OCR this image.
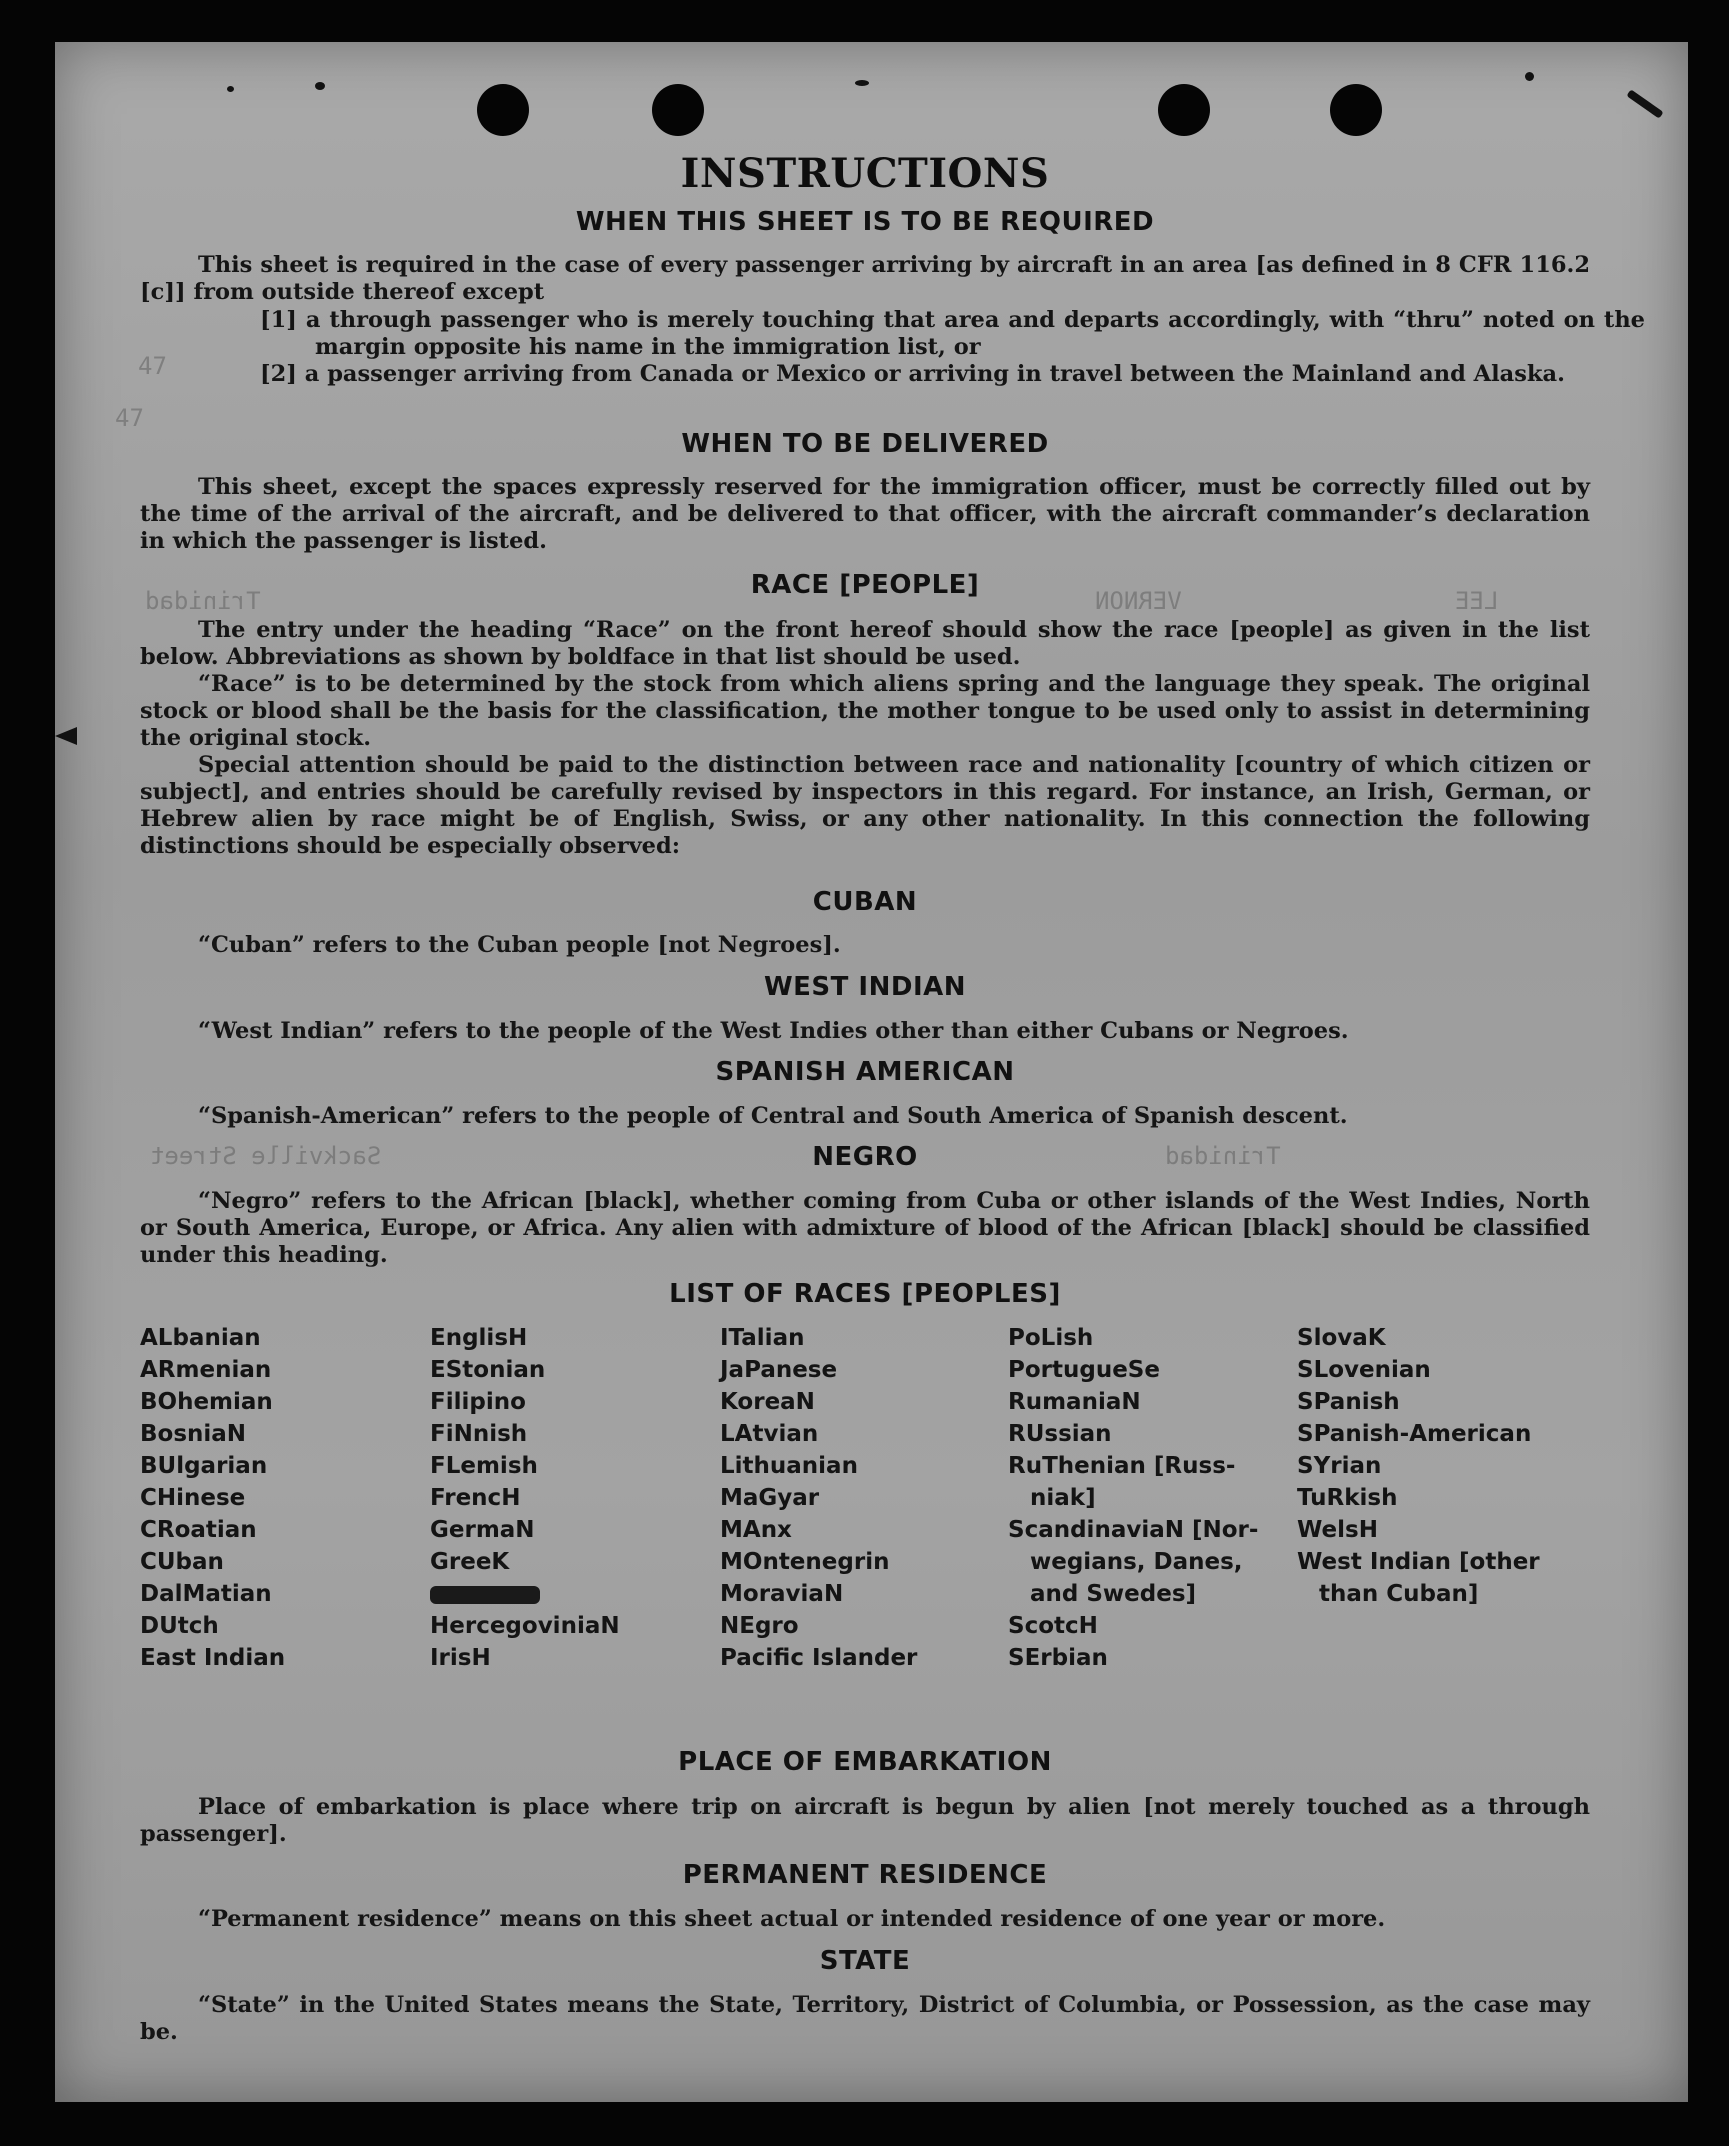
47
47
Trinidad	VERNON	LEE
Sackville Street	Trinidad
INSTRUCTIONS
WHEN THIS SHEET IS TO BE REQUIRED
This sheet is required in the case of every passenger arriving by aircraft in an area [as defined in 8 CFR 116.2 [c]] from outside thereof except
[1] a through passenger who is merely touching that area and departs accordingly, with “thru” noted on the margin opposite his name in the immigration list, or
[2] a passenger arriving from Canada or Mexico or arriving in travel between the Mainland and Alaska.
WHEN TO BE DELIVERED
This sheet, except the spaces expressly reserved for the immigration officer, must be correctly filled out by the time of the arrival of the aircraft, and be delivered to that officer, with the aircraft commander’s declaration in which the passenger is listed.
RACE [PEOPLE]
The entry under the heading “Race” on the front hereof should show the race [people] as given in the list below. Abbreviations as shown by boldface in that list should be used.
“Race” is to be determined by the stock from which aliens spring and the language they speak. The original stock or blood shall be the basis for the classification, the mother tongue to be used only to assist in determining the original stock.
Special attention should be paid to the distinction between race and nationality [country of which citizen or subject], and entries should be carefully revised by inspectors in this regard. For instance, an Irish, German, or Hebrew alien by race might be of English, Swiss, or any other nationality. In this connection the following distinctions should be especially observed:
CUBAN
“Cuban” refers to the Cuban people [not Negroes].
WEST INDIAN
“West Indian” refers to the people of the West Indies other than either Cubans or Negroes.
SPANISH AMERICAN
“Spanish-American” refers to the people of Central and South America of Spanish descent.
NEGRO
“Negro” refers to the African [black], whether coming from Cuba or other islands of the West Indies, North or South America, Europe, or Africa. Any alien with admixture of blood of the African [black] should be classified under this heading.
LIST OF RACES [PEOPLES]
ALbanian
ARmenian
BOhemian
BosniaN
BUlgarian
CHinese
CRoatian
CUban
DalMatian
DUtch
East Indian
EnglisH
EStonian
Filipino
FiNnish
FLemish
FrencH
GermaN
GreeK
HercegoviniaN
IrisH
ITalian
JaPanese
KoreaN
LAtvian
Lithuanian
MaGyar
MAnx
MOntenegrin
MoraviaN
NEgro
Pacific Islander
PoLish
PortugueSe
RumaniaN
RUssian
RuThenian [Russ-
niak]
ScandinaviaN [Nor-
wegians, Danes,
and Swedes]
ScotcH
SErbian
SlovaK
SLovenian
SPanish
SPanish-American
SYrian
TuRkish
WelsH
West Indian [other
than Cuban]
PLACE OF EMBARKATION
Place of embarkation is place where trip on aircraft is begun by alien [not merely touched as a through passenger].
PERMANENT RESIDENCE
“Permanent residence” means on this sheet actual or intended residence of one year or more.
STATE
“State” in the United States means the State, Territory, District of Columbia, or Possession, as the case may be.
